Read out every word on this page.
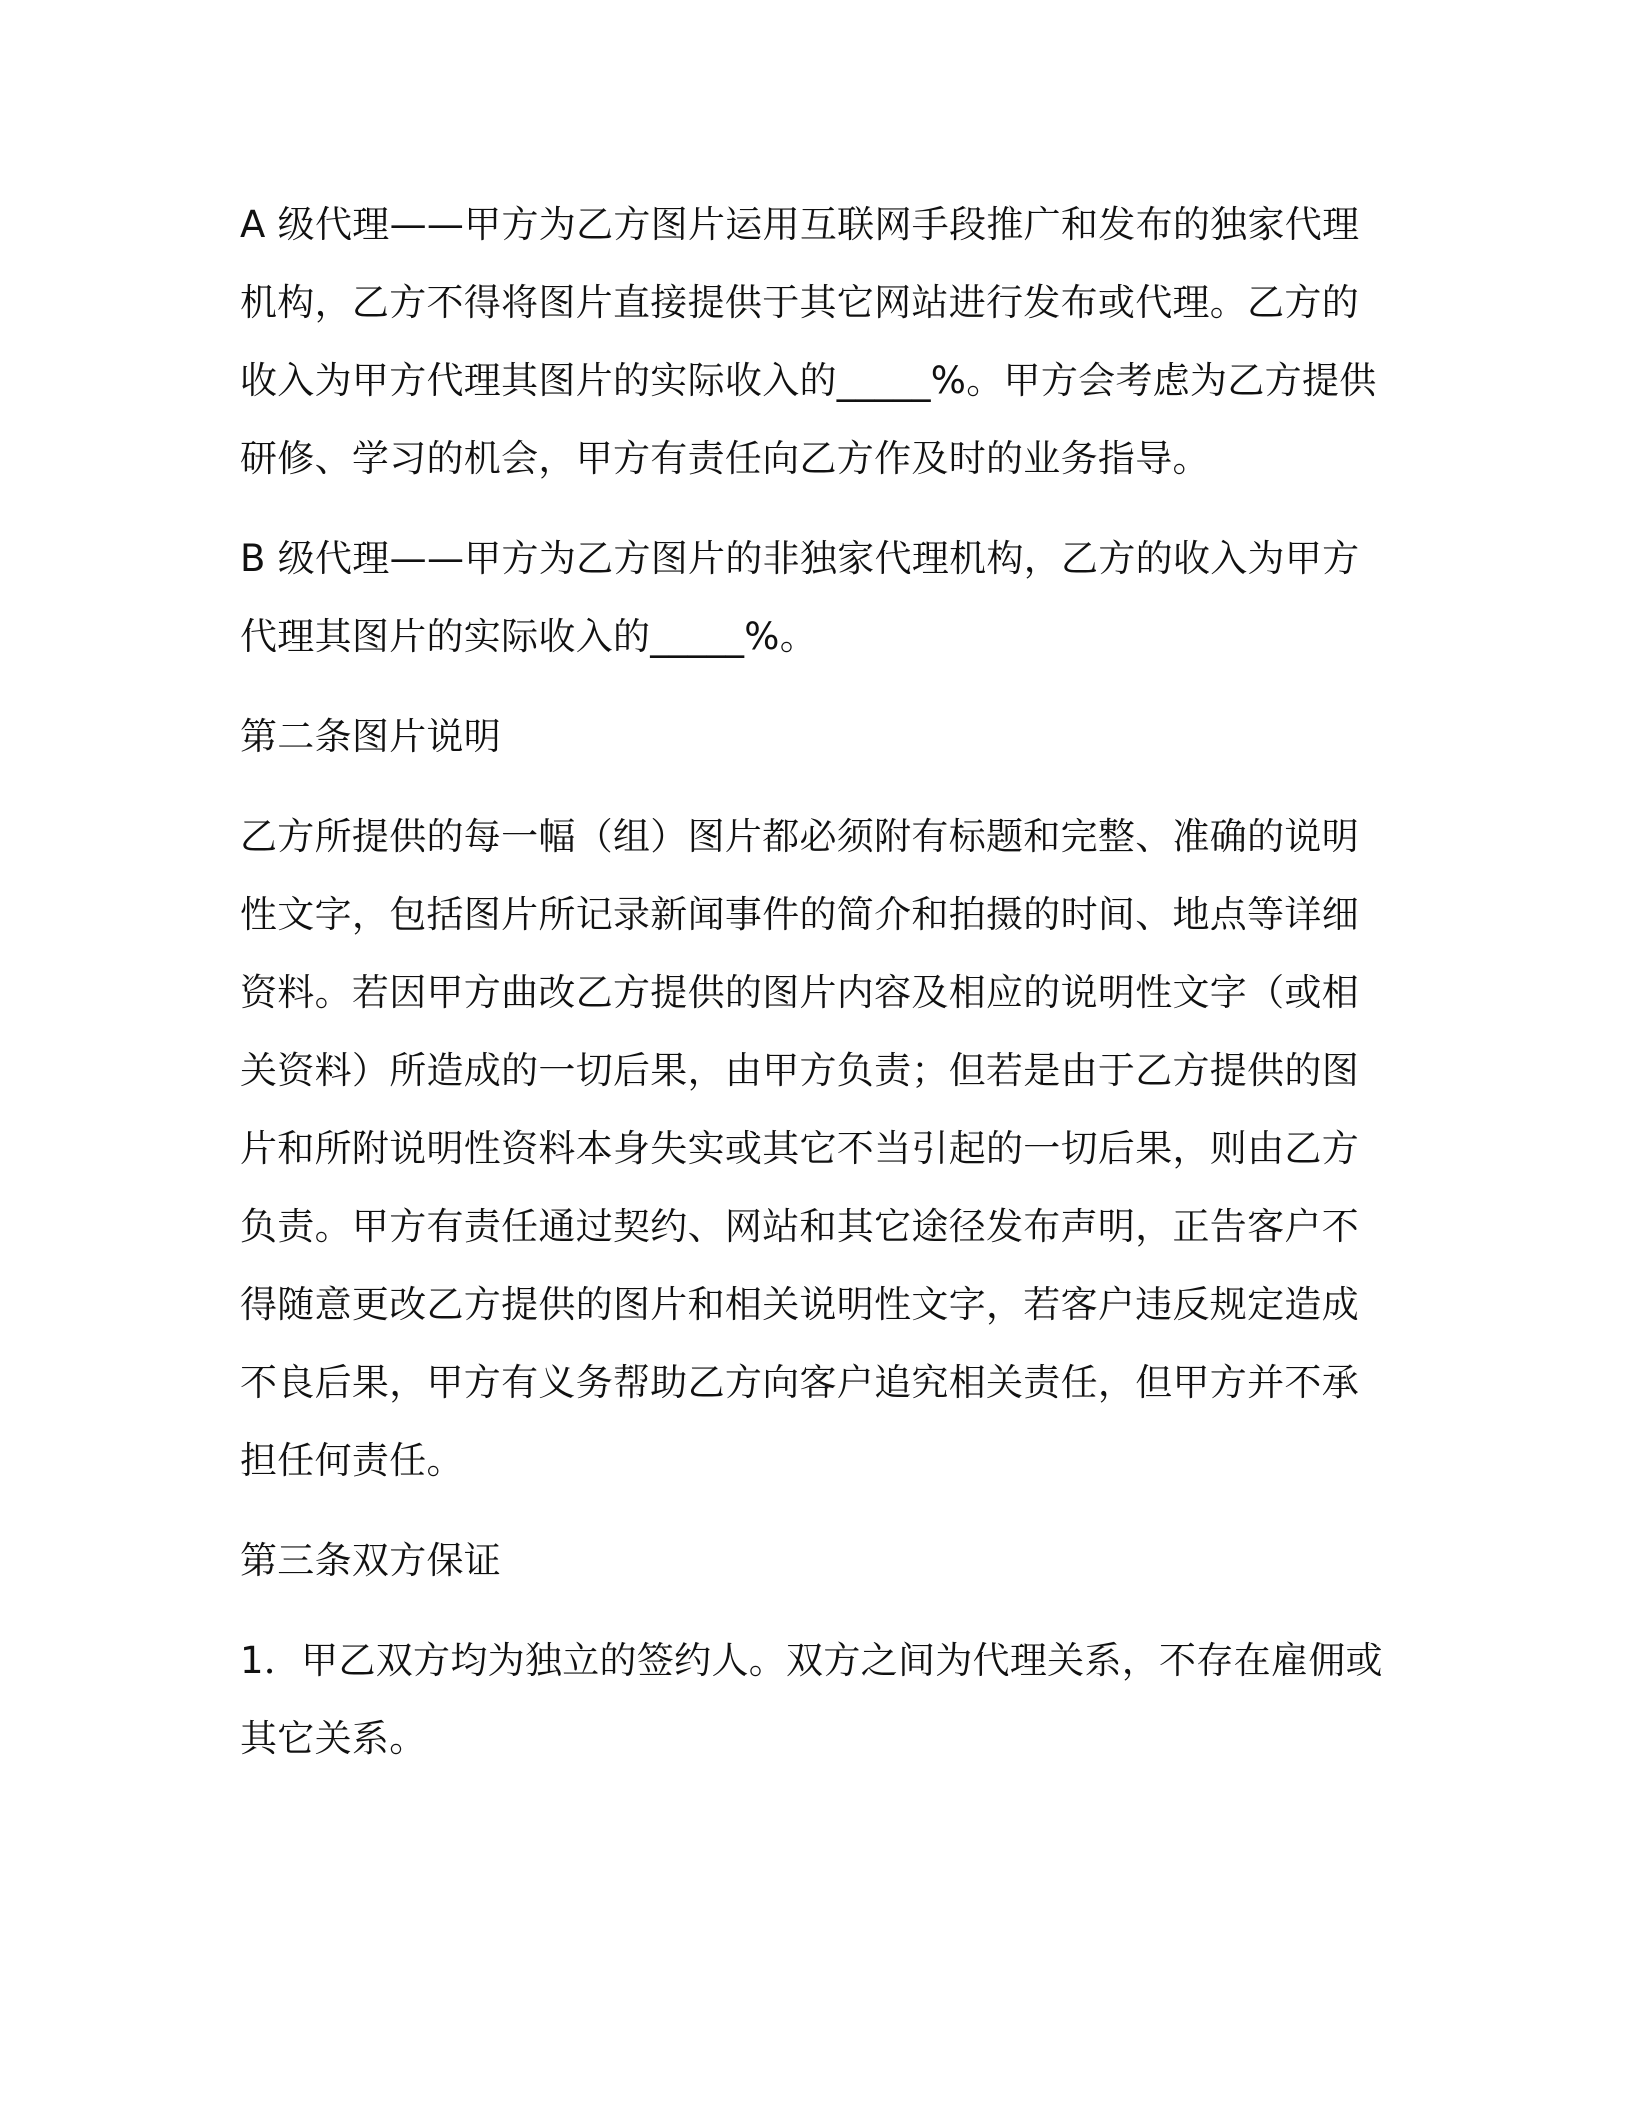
A 级代理——甲方为乙方图片运用互联网手段推广和发布的独家代理机构，乙方不得将图片直接提供于其它网站进行发布或代理。乙方的收入为甲方代理其图片的实际收入的_____%。甲方会考虑为乙方提供研修、学习的机会，甲方有责任向乙方作及时的业务指导。

B 级代理——甲方为乙方图片的非独家代理机构，乙方的收入为甲方代理其图片的实际收入的_____%。

第二条图片说明

乙方所提供的每一幅（组）图片都必须附有标题和完整、准确的说明性文字，包括图片所记录新闻事件的简介和拍摄的时间、地点等详细资料。若因甲方曲改乙方提供的图片内容及相应的说明性文字（或相关资料）所造成的一切后果，由甲方负责；但若是由于乙方提供的图片和所附说明性资料本身失实或其它不当引起的一切后果，则由乙方负责。甲方有责任通过契约、网站和其它途径发布声明，正告客户不得随意更改乙方提供的图片和相关说明性文字，若客户违反规定造成不良后果，甲方有义务帮助乙方向客户追究相关责任，但甲方并不承担任何责任。

第三条双方保证

1．甲乙双方均为独立的签约人。双方之间为代理关系，不存在雇佣或其它关系。
